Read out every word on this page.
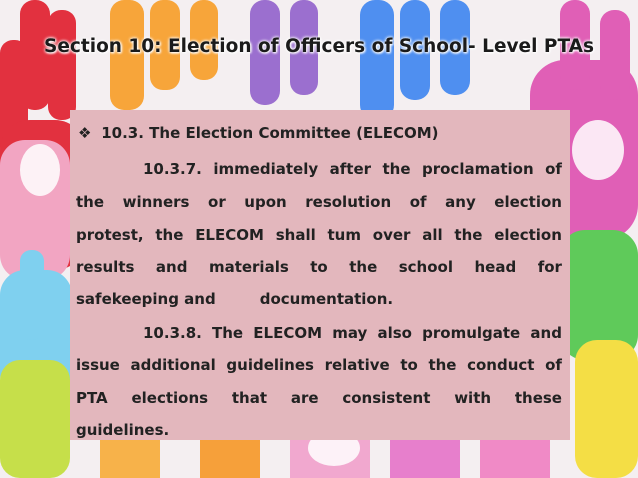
Section 10: Election of Officers of School- Level PTAs
❖ 10.3. The Election Committee (ELECOM)
10.3.7. immediately after the proclamation of
the winners or upon resolution of any election
protest, the ELECOM shall tum over all the election
results and materials to the school head for
safekeeping and	documentation.
10.3.8. The ELECOM may also promulgate and
issue additional guidelines relative to the conduct of
PTA elections that are consistent with these
guidelines.
